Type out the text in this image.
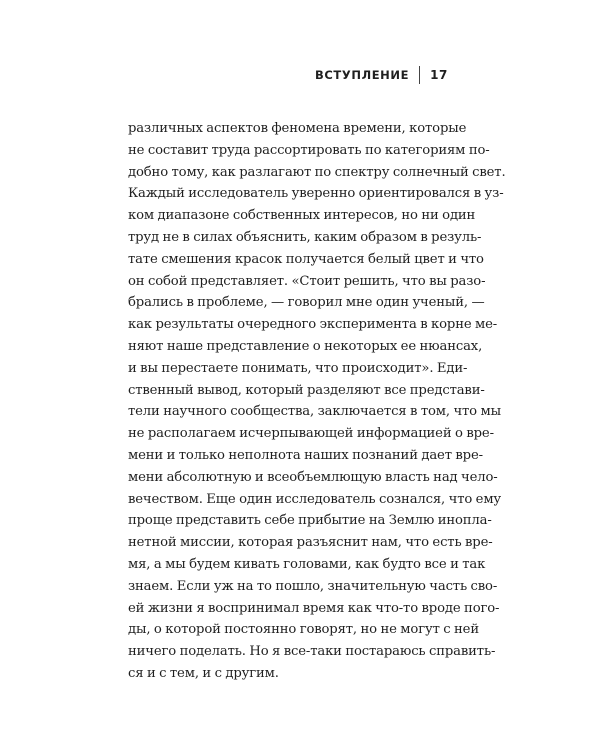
ВСТУПЛЕНИЕ 17
различных аспектов феномена времени, которые
не составит труда рассортировать по категориям по-
добно тому, как разлагают по спектру солнечный свет.
Каждый исследователь уверенно ориентировался в уз-
ком диапазоне собственных интересов, но ни один
труд не в силах объяснить, каким образом в резуль-
тате смешения красок получается белый цвет и что
он собой представляет. «Стоит решить, что вы разо-
брались в проблеме, — говорил мне один ученый, —
как результаты очередного эксперимента в корне ме-
няют наше представление о некоторых ее нюансах,
и вы перестаете понимать, что происходит». Еди-
ственный вывод, который разделяют все представи-
тели научного сообщества, заключается в том, что мы
не располагаем исчерпывающей информацией о вре-
мени и только неполнота наших познаний дает вре-
мени абсолютную и всеобъемлющую власть над чело-
вечеством. Еще один исследователь сознался, что ему
проще представить себе прибытие на Землю инопла-
нетной миссии, которая разъяснит нам, что есть вре-
мя, а мы будем кивать головами, как будто все и так
знаем. Если уж на то пошло, значительную часть сво-
ей жизни я воспринимал время как что-то вроде пого-
ды, о которой постоянно говорят, но не могут с ней
ничего поделать. Но я все-таки постараюсь справить-
ся и с тем, и с другим.
